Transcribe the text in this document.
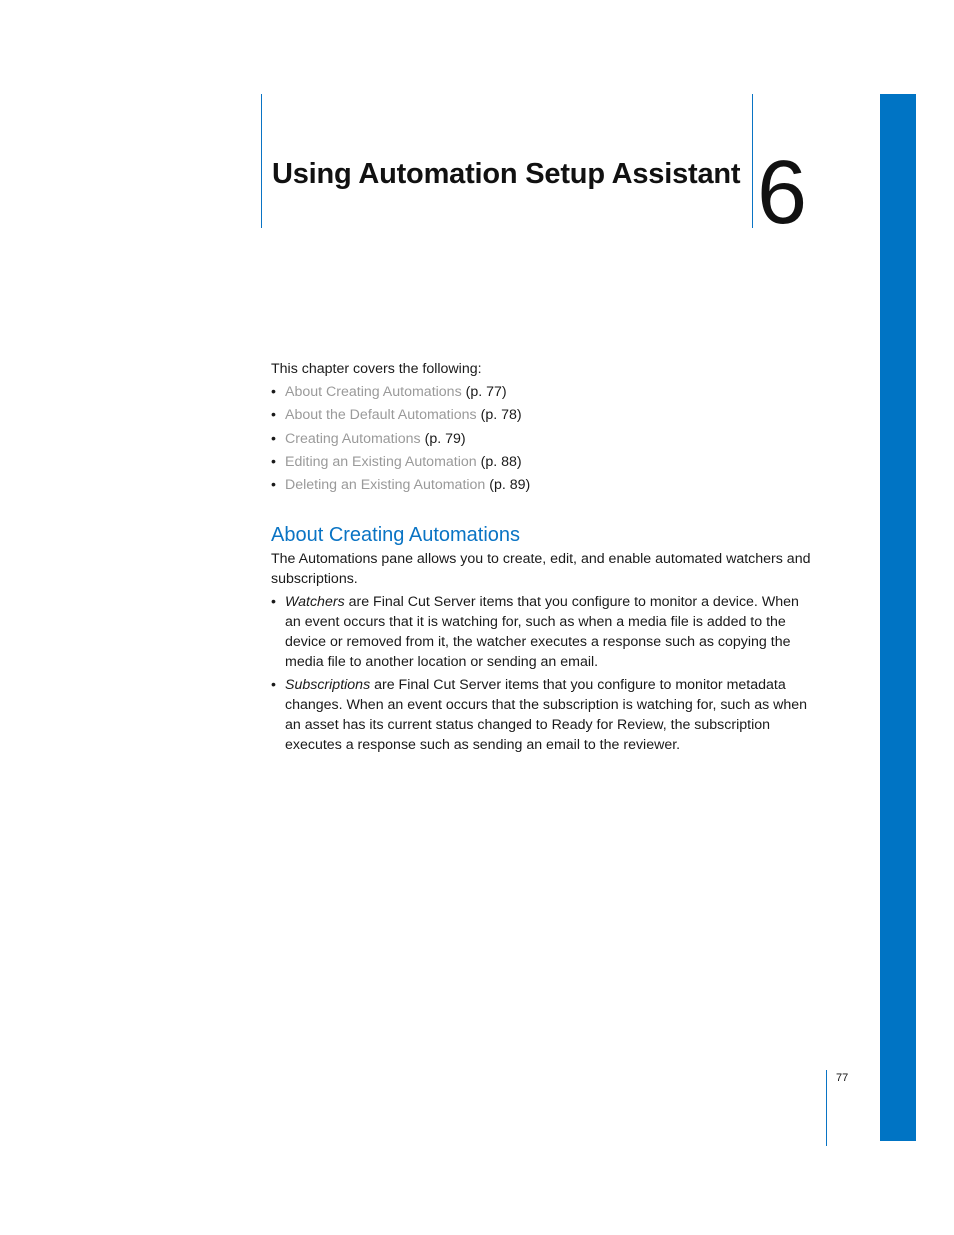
Using Automation Setup Assistant 6

This chapter covers the following:

• About Creating Automations (p. 77)
• About the Default Automations (p. 78)
• Creating Automations (p. 79)
• Editing an Existing Automation (p. 88)
• Deleting an Existing Automation (p. 89)
About Creating Automations

The Automations pane allows you to create, edit, and enable automated watchers and subscriptions.

• Watchers are Final Cut Server items that you configure to monitor a device. When an event occurs that it is watching for, such as when a media file is added to the device or removed from it, the watcher executes a response such as copying the media file to another location or sending an email.
• Subscriptions are Final Cut Server items that you configure to monitor metadata changes. When an event occurs that the subscription is watching for, such as when an asset has its current status changed to Ready for Review, the subscription executes a response such as sending an email to the reviewer.
77
